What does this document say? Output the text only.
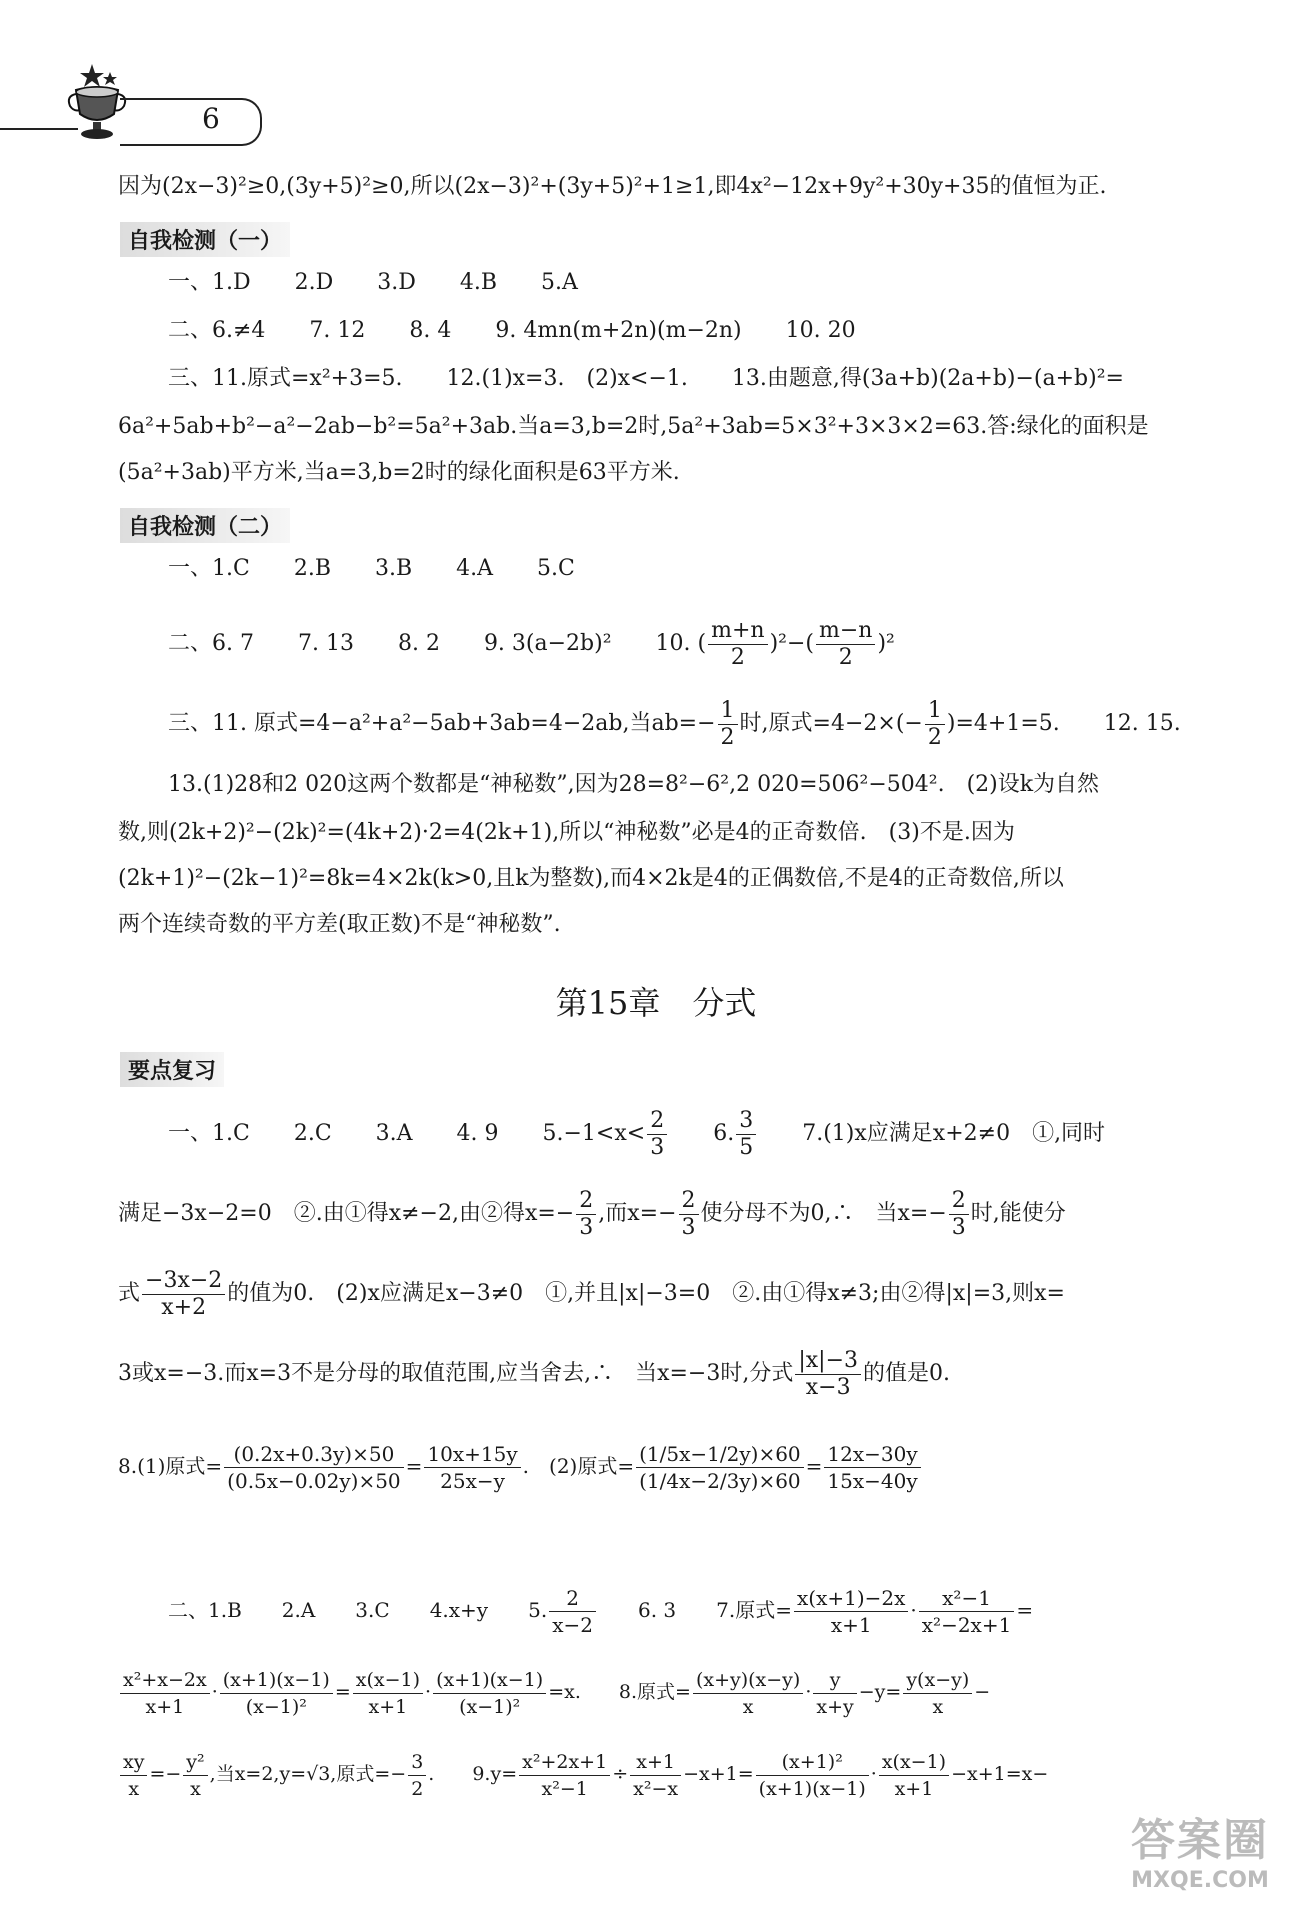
6
因为(2x−3)²≥0,(3y+5)²≥0,所以(2x−3)²+(3y+5)²+1≥1,即4x²−12x+9y²+30y+35的值恒为正.
自我检测（一）
一、1.D　　2.D　　3.D　　4.B　　5.A
二、6.≠4　　7. 12　　8. 4　　9. 4mn(m+2n)(m−2n)　　10. 20
三、11.原式=x²+3=5.　　12.(1)x=3.　(2)x<−1.　　13.由题意,得(3a+b)(2a+b)−(a+b)²=
6a²+5ab+b²−a²−2ab−b²=5a²+3ab.当a=3,b=2时,5a²+3ab=5×3²+3×3×2=63.答:绿化的面积是
(5a²+3ab)平方米,当a=3,b=2时的绿化面积是63平方米.
自我检测（二）
一、1.C　　2.B　　3.B　　4.A　　5.C
二、6. 7　　7. 13　　8. 2　　9. 3(a−2b)²　　10. ( $\frac{m+n}{2} )^2-( \frac{m-n}{2} )^2$
三、11. 原式=4−a²+a²−5ab+3ab=4−2ab,当$ab=- \frac{1}{2}$ 时,原式$=4-2\times(- \frac{1}{2} )=4+1=5$.　　12. 15.
13.(1)28和2 020这两个数都是“神秘数”,因为28=8²−6²,2 020=506²−504².　(2)设k为自然
数,则(2k+2)²−(2k)²=(4k+2)·2=4(2k+1),所以“神秘数”必是4的正奇数倍.　(3)不是.因为
(2k+1)²−(2k−1)²=8k=4×2k(k>0,且k为整数),而4×2k是4的正偶数倍,不是4的正奇数倍,所以
两个连续奇数的平方差(取正数)不是“神秘数”.
第15章　分式
要点复习
一、1.C　　2.C　　3.A　　4. 9　　$5.-1<x< \frac{2}{3}$
　　 6. $\frac{3}{5}$
　　 7.(1)x应满足x+2≠0　①,同时
满足−3x−2=0　②.由①得x≠−2,由②得$x=- \frac{2}{3}$ ,而$x=- \frac{2}{3}$ 使分母不为0,∴　当$x=- \frac{2}{3}$ 时,能使分
式 $\frac{-3x-2}{x+2}$ 的值为0.　(2)x应满足x−3≠0　①,并且|x|−3=0　②.由①得x≠3;由②得|x|=3,则x=
3或x=−3.而x=3不是分母的取值范围,应当舍去,∴　当x=−3时,分式 $\frac{|x|-3}{x-3}$ 的值是0.
8.(1)原式= $\frac{(0.2x+0.3y)\times 50}{(0.5x-0.02y)\times 50} = \frac{10x+15y}{25x-y}$ .　(2)原式= $\frac{(1/5x-1/2y)\times 60}{(1/4x-2/3y)\times 60} = \frac{12x-30y}{15x-40y}$
二、1.B　　2.A　　3.C　　4.x+y　　5. $\frac{2}{x-2}$
　　 6. 3　　7.原式= $\frac{x(x+1)-2x}{x+1} \cdot \frac{\text{x²−1}}{\text{x²−2x+1}}$ =
$\frac{\text{x²+x−2x}}{x+1} \cdot \frac{(x+1)(x-1)}{\text{(x−1)²}} = \frac{x(x-1)}{x+1} \cdot \frac{(x+1)(x-1)}{\text{(x−1)²}} =x$.　　8.原式= $\frac{(x+y)(x-y)}{x} \cdot \frac{y}{x+y} -y= \frac{y(x-y)}{x}$ −
$\frac{xy}{x} =- \frac{\text{y²}}{x}$ ,当x=2,y=√3,原式=− $\frac{3}{2}$ .　　$9.y= \frac{\text{x²+2x+1}}{\text{x²−1}} \div \frac{x+1}{\text{x²−x}} -x+1= \frac{\text{(x+1)²}}{(x+1)(x-1)} \cdot \frac{x(x-1)}{x+1} -x+1=x-$
答案圈
MXQE.COM
